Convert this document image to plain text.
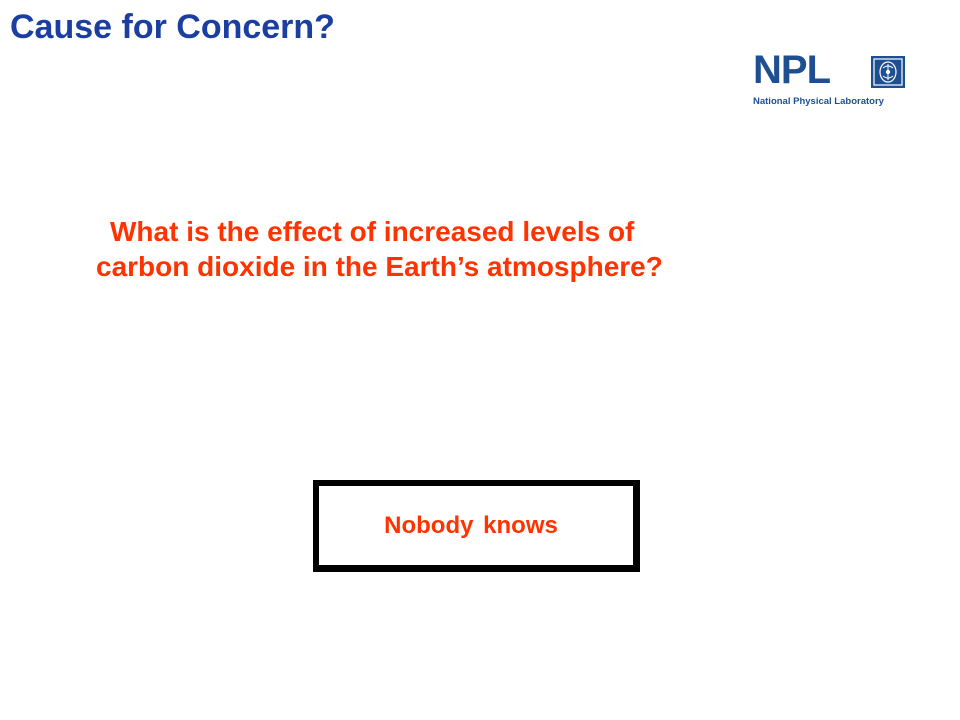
Cause for Concern?
NPL
National Physical Laboratory
What is the effect of increased levels of
carbon dioxide in the Earth’s atmosphere?
Nobody knows
